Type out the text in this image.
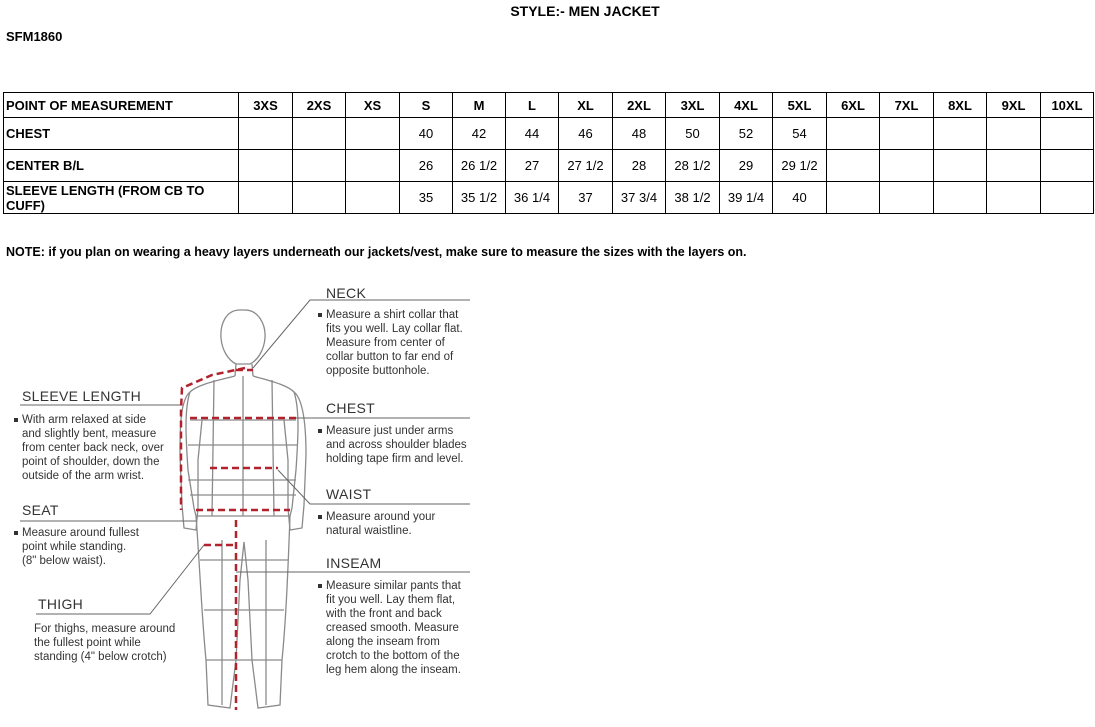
STYLE:- MEN JACKET
SFM1860
POINT OF MEASUREMENT	3XS	2XS	XS	S	M	L	XL	2XL	3XL	4XL	5XL	6XL	7XL	8XL	9XL	10XL
CHEST				40	42	44	46	48	50	52	54					
CENTER B/L				26	26 1/2	27	27 1/2	28	28 1/2	29	29 1/2					
SLEEVE LENGTH (FROM CB TO CUFF)				35	35 1/2	36 1/4	37	37 3/4	38 1/2	39 1/4	40					
NOTE: if you plan on wearing a heavy layers underneath our jackets/vest, make sure to measure the sizes with the layers on.
NECK
Measure a shirt collar that
fits you well. Lay collar flat.
Measure from center of
collar button to far end of
opposite buttonhole.
CHEST
Measure just under arms
and across shoulder blades
holding tape firm and level.
WAIST
Measure around your
natural waistline.
INSEAM
Measure similar pants that
fit you well. Lay them flat,
with the front and back
creased smooth. Measure
along the inseam from
crotch to the bottom of the
leg hem along the inseam.
SLEEVE LENGTH
With arm relaxed at side
and slightly bent, measure
from center back neck, over
point of shoulder, down the
outside of the arm wrist.
SEAT
Measure around fullest
point while standing.
(8" below waist).
THIGH
For thighs, measure around
the fullest point while
standing (4" below crotch)
